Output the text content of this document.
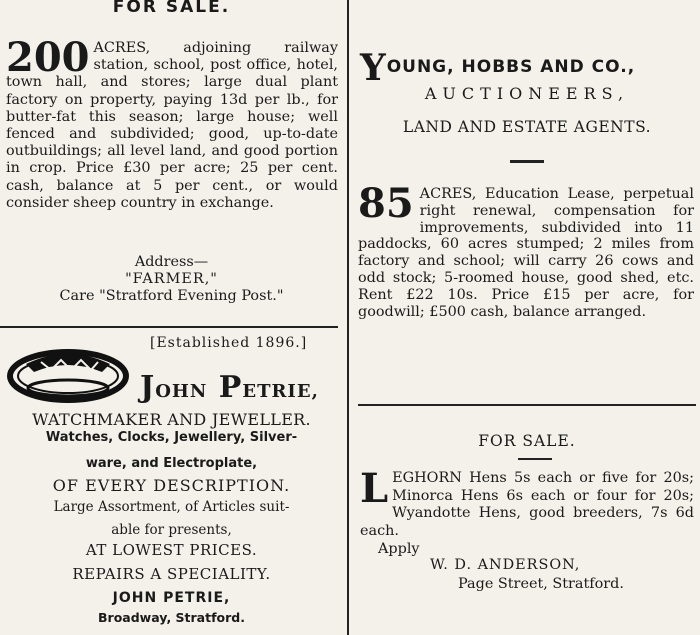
FOR SALE.
200 ACRES, adjoining railway station, school, post office, hotel, town hall, and stores; large dual plant factory on property, paying 13d per lb., for butter-fat this season; large house; well fenced and subdivided; good, up-to-date outbuildings; all level land, and good portion in crop. Price £30 per acre; 25 per cent. cash, balance at 5 per cent., or would consider sheep country in exchange.
Address—
"FARMER,"
Care "Stratford Evening Post."
[Established 1896.]
JOHN PETRIE,
WATCHMAKER AND JEWELLER.
Watches, Clocks, Jewellery, Silver-
ware, and Electroplate,
OF EVERY DESCRIPTION.
Large Assortment, of Articles suit-
able for presents,
AT LOWEST PRICES.
REPAIRS A SPECIALITY.
JOHN PETRIE,
Broadway, Stratford.
YOUNG, HOBBS AND CO.,
AUCTIONEERS,
LAND AND ESTATE AGENTS.
85 ACRES, Education Lease, perpetual right renewal, compensation for improvements, subdivided into 11 paddocks, 60 acres stumped; 2 miles from factory and school; will carry 26 cows and odd stock; 5-roomed house, good shed, etc. Rent £22 10s. Price £15 per acre, for goodwill; £500 cash, balance arranged.
FOR SALE.
L EGHORN Hens 5s each or five for 20s; Minorca Hens 6s each or four for 20s; Wyandotte Hens, good breeders, 7s 6d each.
Apply
W. D. ANDERSON,
Page Street, Stratford.
